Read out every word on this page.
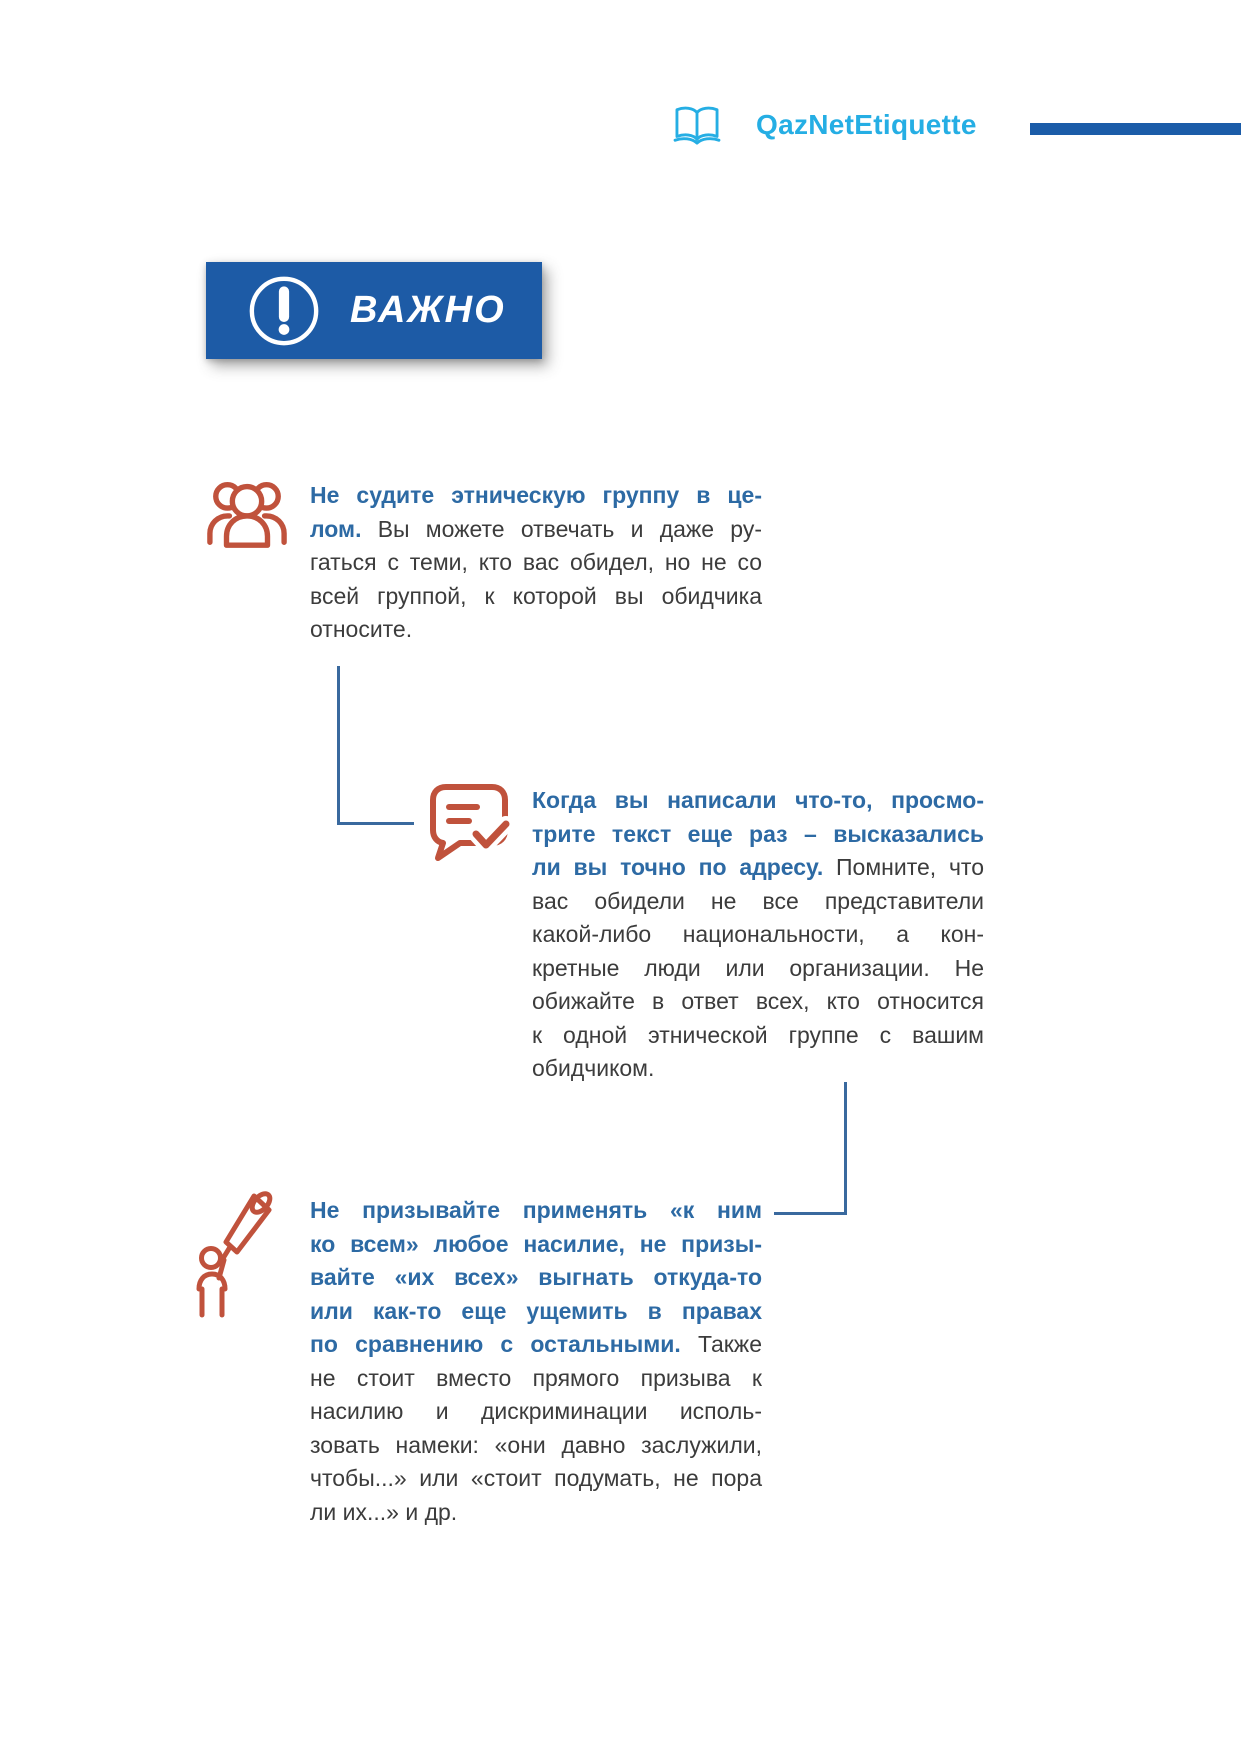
QazNetEtiquette
ВАЖНО
Не судите этническую группу в це-
лом. Вы можете отвечать и даже ру-
гаться с теми, кто вас обидел, но не со
всей группой, к которой вы обидчика
относите.
Когда вы написали что-то, просмо-
трите текст еще раз – высказались
ли вы точно по адресу. Помните, что
вас обидели не все представители
какой-либо национальности, а кон-
кретные люди или организации. Не
обижайте в ответ всех, кто относится
к одной этнической группе с вашим
обидчиком.
Не призывайте применять «к ним
ко всем» любое насилие, не призы-
вайте «их всех» выгнать откуда-то
или как-то еще ущемить в правах
по сравнению с остальными. Также
не стоит вместо прямого призыва к
насилию и дискриминации исполь-
зовать намеки: «они давно заслужили,
чтобы...» или «стоит подумать, не пора
ли их...» и др.
